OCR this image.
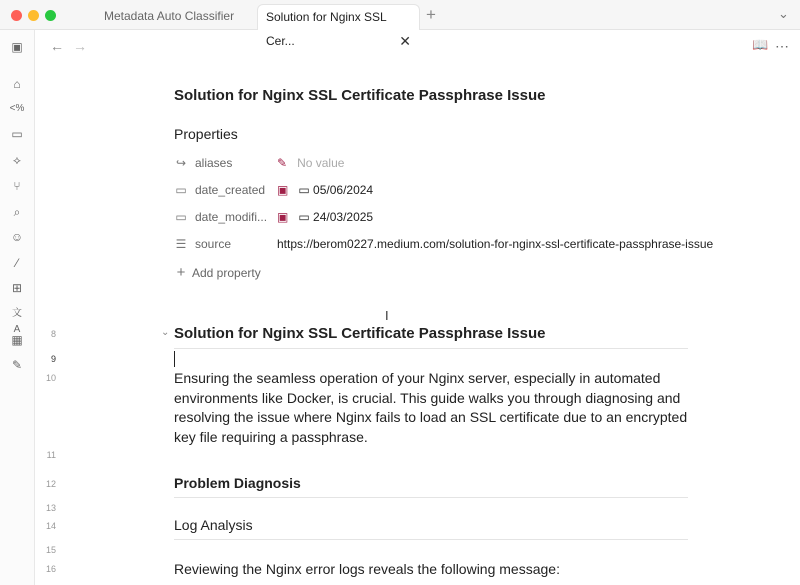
Metadata Auto Classifier	Solution for Nginx SSL Cer...	✕
+	⌄
▣
⌂
<%
▭
⟡
⑂
⌕
☺
⁄
⊞
文A
▦
✎
← →	📖 ⋯
Solution for Nginx SSL Certificate Passphrase Issue
Properties
↪ aliases	✎ No value
▭ date_created ▣ ▭ 05/06/2024
▭ date_modifi... ▣ ▭ 24/03/2025
☰ source	https://berom0227.medium.com/solution-for-nginx-ssl-certificate-passphrase-issue
+ Add property
I
8	⌄ Solution for Nginx SSL Certificate Passphrase Issue
9
10	Ensuring the seamless operation of your Nginx server, especially in automated environments like Docker, is crucial. This guide walks you through diagnosing and resolving the issue where Nginx fails to load an SSL certificate due to an encrypted key file requiring a passphrase.
11
12	Problem Diagnosis
13
14	Log Analysis
15
16	Reviewing the Nginx error logs reveals the following message:
